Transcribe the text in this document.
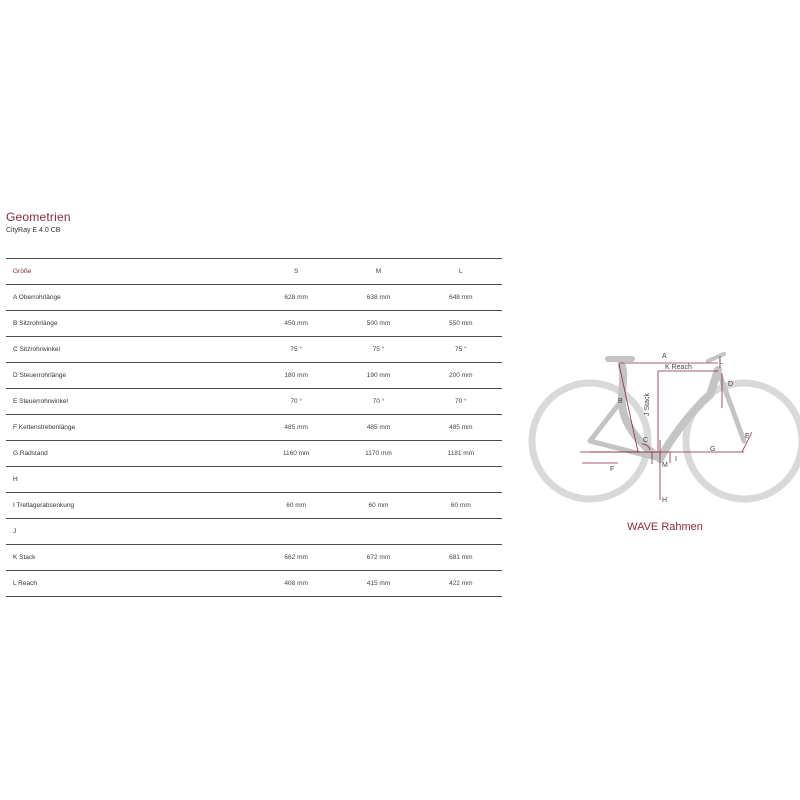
Geometrien
CityRay E 4.0 CB
Größe	S	M	L
A Oberrohrlänge	628 mm	638 mm	648 mm
B Sitzrohrlänge	450 mm	500 mm	550 mm
C Sitzrohrwinkel	75 °	75 °	75 °
D Steuerrohrlänge	180 mm	190 mm	200 mm
E Steuerrohrwinkel	70 °	70 °	70 °
F Kettenstrebenlänge	485 mm	485 mm	485 mm
G Radstand	1160 mm	1170 mm	1181 mm
H			
I Tretlagerabsenkung	60 mm	60 mm	60 mm
J			
K Stack	662 mm	672 mm	681 mm
L Reach	408 mm	415 mm	422 mm
A
K Reach
L
D
B
C
E
G
F
M
I
H
J Stack
WAVE Rahmen
